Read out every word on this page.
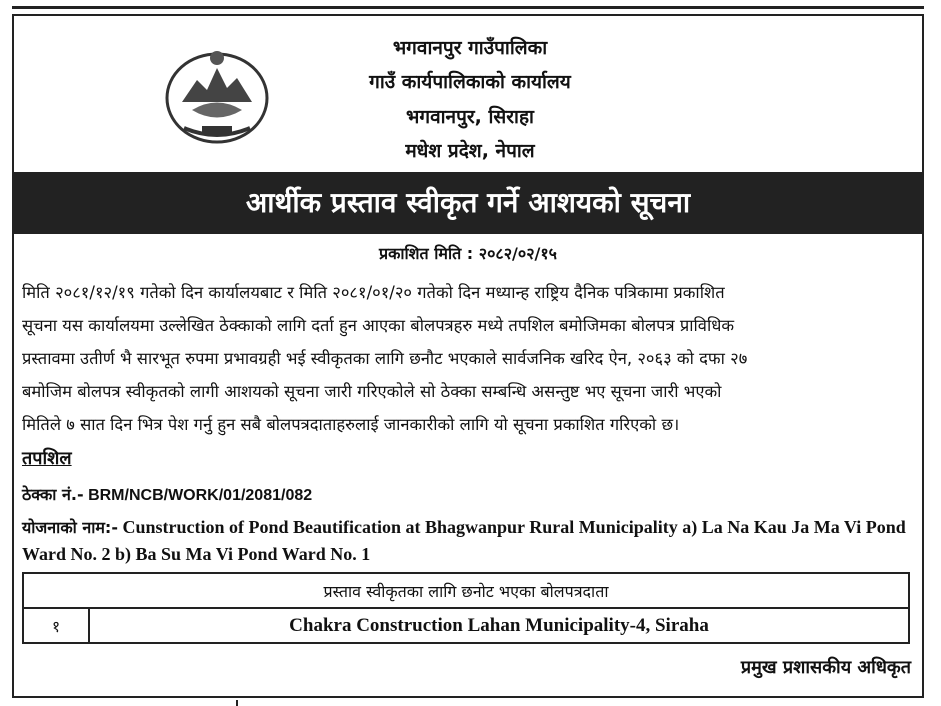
भगवानपुर गाउँपालिका
गाउँ कार्यपालिकाको कार्यालय
भगवानपुर, सिराहा
मधेश प्रदेश, नेपाल
आर्थीक प्रस्ताव स्वीकृत गर्ने आशयको सूचना
प्रकाशित मिति : २०८२/०२/१५
मिति २०८१/१२/१९ गतेको दिन कार्यालयबाट र मिति २०८१/०१/२० गतेको दिन मध्यान्ह राष्ट्रिय दैनिक पत्रिकामा प्रकाशित
सूचना यस कार्यालयमा उल्लेखित ठेक्काको लागि दर्ता हुन आएका बोलपत्रहरु मध्ये तपशिल बमोजिमका बोलपत्र प्राविधिक
प्रस्तावमा उतीर्ण भै सारभूत रुपमा प्रभावग्रही भई स्वीकृतका लागि छनौट भएकाले सार्वजनिक खरिद ऐन, २०६३ को दफा २७
बमोजिम बोलपत्र स्वीकृतको लागी आशयको सूचना जारी गरिएकोले सो ठेक्का सम्बन्धि असन्तुष्ट भए सूचना जारी भएको
मितिले ७ सात दिन भित्र पेश गर्नु हुन सबै बोलपत्रदाताहरुलाई जानकारीको लागि यो सूचना प्रकाशित गरिएको छ।
तपशिल
ठेक्का नं.- BRM/NCB/WORK/01/2081/082
योजनाको नाम:- Cunstruction of Pond Beautification at Bhagwanpur Rural Municipality a) La Na Kau Ja Ma Vi Pond Ward No. 2 b) Ba Su Ma Vi Pond Ward No. 1
प्रस्ताव स्वीकृतका लागि छनोट भएका बोलपत्रदाता
१	Chakra Construction Lahan Municipality-4, Siraha
प्रमुख प्रशासकीय अधिकृत
